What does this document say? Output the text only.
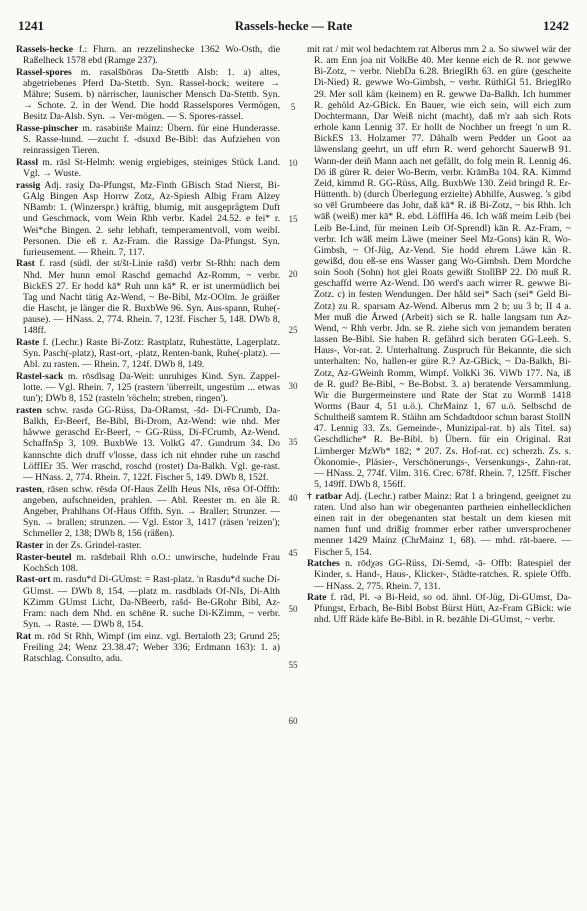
1241	Rassels-hecke — Rate	1242

Rassels-hecke f.: Flurn. an rezzelinshecke 1362 Wo-Osth, die Raßelheck 1578 ebd (Ramge 237).

Rassel-spores m. rasəlšbōrəs Da-Stettb Alsb: 1. a) altes, abgetriebenes Pferd Da-Stettb. Syn. Rassel-bock; weitere → Mähre; Susem. b) närrischer, launischer Mensch Da-Stettb. Syn. → Schote. 2. in der Wend. Die hodd Rasselspores Vermögen, Besitz Da-Alsb. Syn. → Ver-mögen. — S. Spores-rassel.

Rasse-pinscher m. rasəbinšɐ Mainz: Übern. für eine Hunderasse. S. Rasse-hund. —zucht f. -dsuxd Be-Bibl: das Aufziehen von reinrassigen Tieren.

Rassl m. rāsl St-Helmh: wenig ergiebiges, steiniges Stück Land. Vgl. → Wuste.

rassig Adj. rasiχ Da-Pfungst, Mz-Finth GBisch Stad Nierst, Bi-GAlg Bingen Asp Horrw Zotz, Az-Spiesh Albig Fram Alzey NBamb: 1. (Winzerspr.) kräftig, blumig, mit ausgeprägtem Duft und Geschmack, vom Wein Rhh verbr. Kadel 24.52. e fei* r. Wei*che Bingen. 2. sehr lebhaft, temperamentvoll, vom weibl. Personen. Die eß r. Az-Fram. die Rassige Da-Pfungst. Syn. furieusement. — Rhein. 7, 117.

Rast f. rasd (südl. der st/št-Linie rašd) verbr St-Rhh: nach dem Nhd. Mer hunn emol Raschd gemachd Az-Romm, ~ verbr. BickES 27. Er hodd kā* Ruh unn kā* R. er ist unermüdlich bei Tag und Nacht tätig Az-Wend, ~ Be-Bibl, Mz-OOlm. Je gräißer die Hascht, je länger die R. BuxbWe 96. Syn. Aus-spann, Ruhe(-pause). — HNass. 2, 774. Rhein. 7, 123f. Fischer 5, 148. DWb 8, 148ff.

Raste f. (Lechr.) Raste Bi-Zotz: Rastplatz, Ruhestätte, Lagerplatz. Syn. Pasch(-platz), Rast-ort, -platz, Renten-bank, Ruhe(-platz). — Abl. zu rasten. — Rhein. 7, 124f. DWb 8, 149.

Rastel-sack m. rōsdlsag Da-Weit: unruhiges Kind. Syn. Zappel-lotte. — Vgl. Rhein. 7, 125 (rastern 'überreilt, ungestüm ... etwas tun'); DWb 8, 152 (rasteln 'röcheln; streben, ringen').

rasten schw. rasdə GG-Rüss, Da-ORamst, -šd- Di-FCrumb, Da-Balkh, Er-Beerf, Be-Bibl, Bi-Drom, Az-Wend: wie nhd. Mer håwwe geraschd Er-Beerf, ~ GG-Rüss, Di-FCrumb, Az-Wend. SchaffnSp 3, 109. BuxbWe 13. VolkG 47. Gundrum 34. Do kannschte dich druff v'losse, dass ich nit ehnder ruhe un raschd LöffIEr 35. Wer rraschd, roschd (rostet) Da-Balkh. Vgl. ge-rast. — HNass. 2, 774. Rhein. 7, 122f. Fischer 5, 149. DWb 8, 152f.

rasten, rāsen schw. rēsdə Of-Haus Zellh Heus NIs, rēsə Of-Offth: angeben, aufschneiden, prahlen. — Abl. Reester m. en äle R. Angeber, Prahlhans Of-Haus Offth. Syn. → Braller; Strunzer. — Syn. → brallen; strunzen. — Vgl. Estor 3, 1417 (räsen 'reizen'); Schmeller 2, 138; DWb 8, 156 (räßen).

Raster in der Zs. Grindel-raster.

Raster-beutel m. rašdɐbail Rhh o.O.: unwirsche, hudelnde Frau KochSch 108.

Rast-ort m. rasdu*d Di-GUmst: = Rast-platz. 'n Rasdu*d suche Di-GUmst. — DWb 8, 154. —platz m. rasdblads Of-NIs, Di-Alth KZimm GUmst Licht, Da-NBeerb, rašd- Be-GRohr Bibl, Az-Fram: nach dem Nhd. en schēne R. suche Di-KZimm, ~ verbr. Syn. → Raste. — DWb 8, 154.

Rat m. rōd St Rhh, Wimpf (im einz. vgl. Bertaloth 23; Grund 25; Freiling 24; Wenz 23.38.47; Weber 336; Erdmann 163): 1. a) Ratschlag. Consulto, adu.

5
10
15
20
25
30
35
40
45
50
55
60

mit rat / mit wol bedachtem rat Alberus mm 2 a. So siwwel wär der R. am Enn joa nit VolkBe 40. Mer kenne eich de R. nor gewwe Bi-Zotz, ~ verbr. NiebDa 6.28. BrieglRh 63. en güre (gescheite Di-Nied) R. gewwe Wo-Gimbsh, ~ verbr. RüthlGl 51. BrieglRo 29. Mer soll käm (keinem) en R. gewwe Da-Balkh. Ich hummer R. gehöld Az-GBick. En Bauer, wie eich sein, will eich zum Dochtermann, Dar Weiß nicht (macht), daß m'r aah sich Rots erhole kann Lennig 37. Er hollt de Nochber un freegt 'n um R. BickES 13. Holzamer 77. Dåhalb wern Pedder un Goot aa läwenslang geehrt, un uff ehrn R. werd gehorcht SauerwB 91. Wann-der deiñ Mann aach net gefällt, do folg mein R. Lennig 46. Dō iß gürer R. deier Wo-Berm, verbr. KrāmBa 104. RA. Kimmd Zeid, kimmd R. GG-Rüss, Allg. BuxbWe 130. Zeid bringd R. Er-Hüttenth. b) (durch Überlegung erzielte) Abhilfe, Ausweg. 's gibd so vēl Grumbeere das Johr, daß kā* R. iß Bi-Zotz, ~ bis Rhh. Ich wāß (weiß) mer kā* R. ebd. LöfflHa 46. Ich wāß meim Leib (bei Leib Be-Lind, für meinen Leib Of-Sprendl) kān R. Az-Fram, ~ verbr. Ich wāß meim Läwe (meiner Seel Mz-Gons) kän R. Wo-Gimbsh, ~ Of-Jüg, Az-Vend. Sie hodd ehrem Läwe kän R. gewißd, dou eß-se ens Wasser gang Wo-Gimbsh. Dem Mordche soin Sooh (Sohn) hot glei Roats gewißt StollBP 22. Dō muß R. geschaffd werre Az-Wend. Dō werd's aach wirrer R. gewwe Bi-Zotz. c) in festen Wendungen. Der håld sei* Sach (sei* Geld Bi-Zotz) zu R. sparsam Az-Wend. Alberus mm 2 b; uu 3 b; II 4 a. Mer muß die Årwed (Arbeit) sich se R. halle langsam tun Az-Wend, ~ Rhh verbr. Jdn. se R. ziehe sich von jemandem beraten lassen Be-Bibl. Sie haben R. gefährd sich beraten GG-Leeh. S. Haus-, Vor-rat. 2. Unterhaltung. Zuspruch für Bekannte, die sich unterhalten: No, hallen-er güre R.? Az-GBick, ~ Da-Balkh, Bi-Zotz, Az-GWeinh Romm, Wimpf. VolkKi 36. ViWb 177. Na, iß de R. gud? Be-Bibl, ~ Be-Bobst. 3. a) beratende Versammlung. Wir die Burgermeinstere und Rate der Stat zu Wormß 1418 Worms (Baur 4, 51 u.ö.). ChrMainz 1, 67 u.ö. Selbschd de Schultheiß samtem R. Stäihn am Schdadtdoor schun barast StollN 47. Lennig 33. Zs. Gemeinde-, Munizipal-rat. b) als Titel. sa) Geschdliche* R. Be-Bibl. b) Übern. für ein Original. Rat Limberger MzWb* 182; * 207. Zs. Hof-rat. cc) scherzh. Zs. s. Ökonomie-, Pläsier-, Verschönerungs-, Versenkungs-, Zahn-rat. — HNass. 2, 774f. Vilm. 316. Crec. 678f. Rhein. 7, 125ff. Fischer 5, 149ff. DWb 8, 156ff.

† ratbar Adj. (Lechr.) ratber Mainz: Rat 1 a bringend, geeignet zu raten. Und also han wir obegenanten partheien einhellecklichen einen rait in der obegenanten stat bestalt un dem kiesen mit namen funf und drißig frommer erber ratber unversprochener menner 1429 Mainz (ChrMainz 1, 68). — mhd. rāt-baere. — Fischer 5, 154.

Ratches n. rōdχəs GG-Rüss, Di-Semd, -ā- Offb: Ratespiel der Kinder, s. Hand-, Haus-, Klicker-, Städte-ratches. R. spiele Offb. — HNass. 2, 775. Rhein. 7, 131.

Rate f. rād, Pl. -ə Bi-Heid, so od. ähnl. Of-Jüg, Di-GUmst, Da-Pfungst, Erbach, Be-Bibl Bobst Bürst Hütt, Az-Fram GBick: wie nhd. Uff Räde käfe Be-Bibl. in R. bezāhle Di-GUmst, ~ verbr.
